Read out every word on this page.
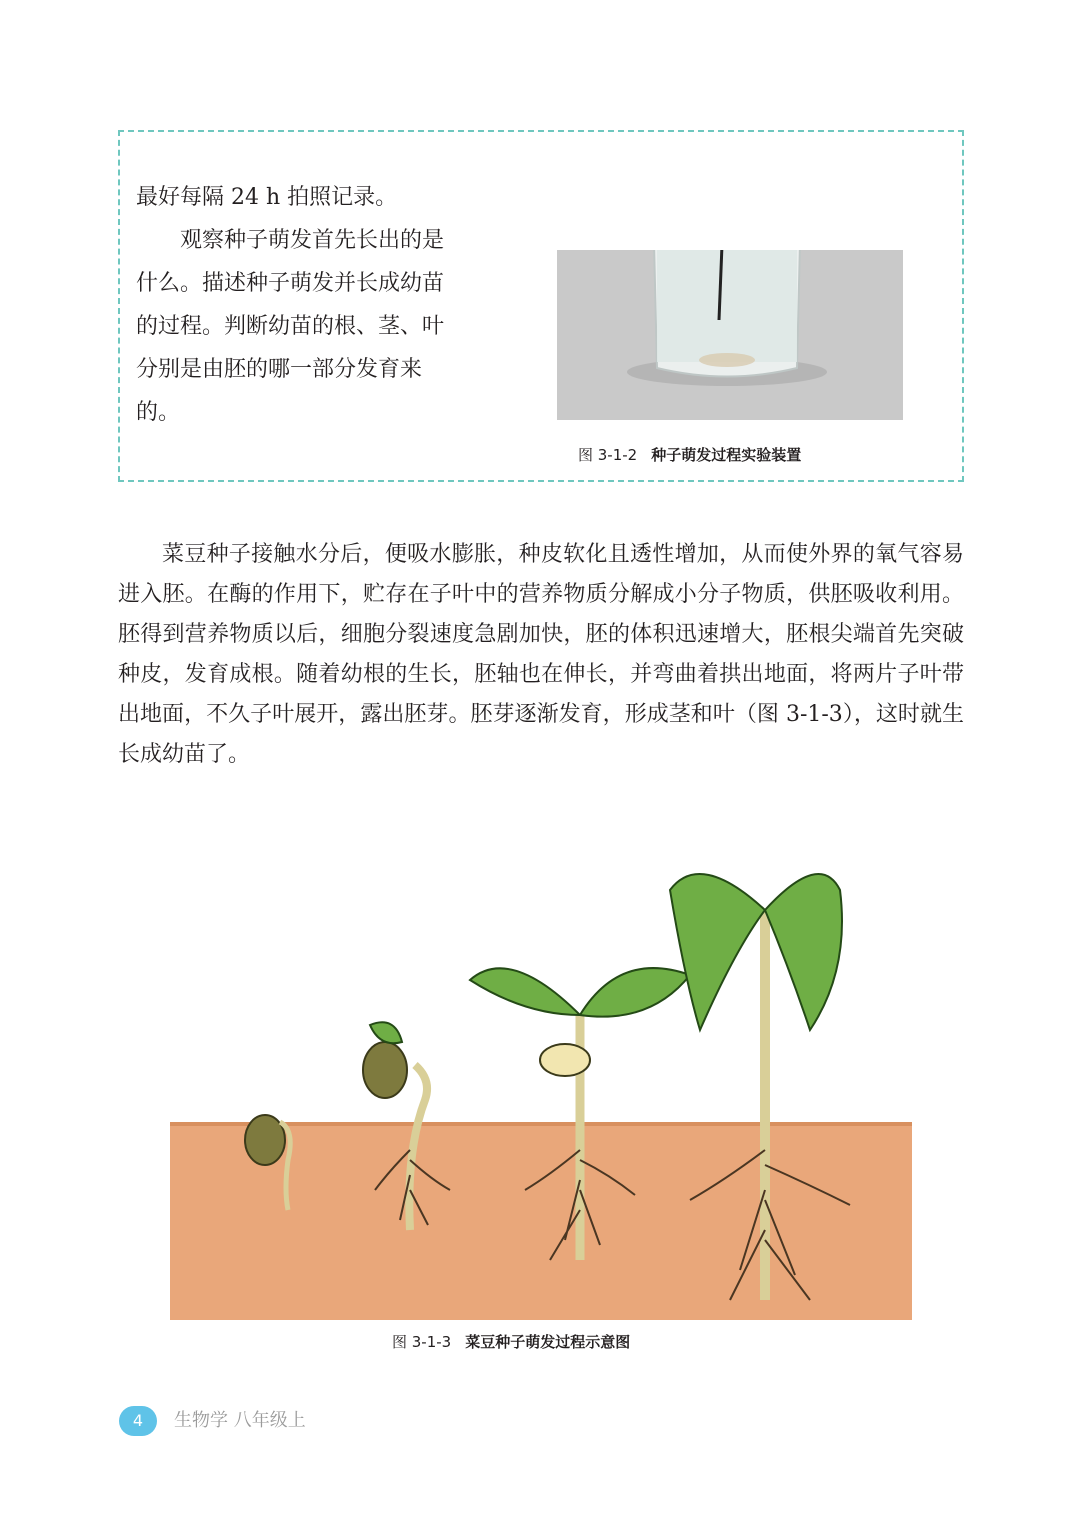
最好每隔 24 h 拍照记录。

观察种子萌发首先长出的是什么。描述种子萌发并长成幼苗的过程。判断幼苗的根、茎、叶分别是由胚的哪一部分发育来的。

图 3-1-2 种子萌发过程实验装置

菜豆种子接触水分后，便吸水膨胀，种皮软化且透性增加，从而使外界的氧气容易进入胚。在酶的作用下，贮存在子叶中的营养物质分解成小分子物质，供胚吸收利用。胚得到营养物质以后，细胞分裂速度急剧加快，胚的体积迅速增大，胚根尖端首先突破种皮，发育成根。随着幼根的生长，胚轴也在伸长，并弯曲着拱出地面，将两片子叶带出地面，不久子叶展开，露出胚芽。胚芽逐渐发育，形成茎和叶（图 3-1-3），这时就生长成幼苗了。

图 3-1-3 菜豆种子萌发过程示意图
4	生物学 八年级上
